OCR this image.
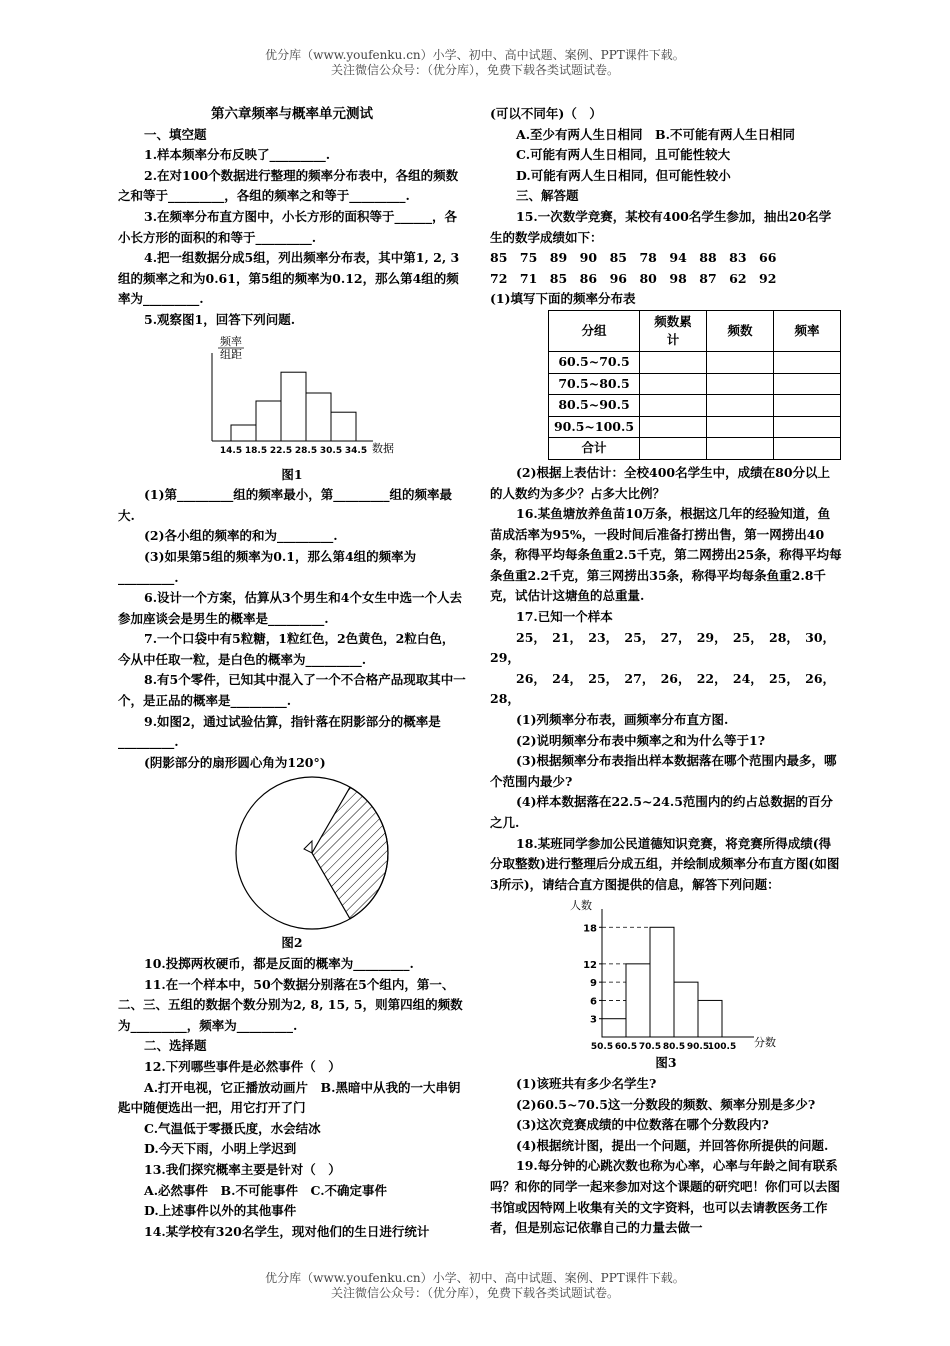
优分库（www.youfenku.cn）小学、初中、高中试题、案例、PPT课件下载。
关注微信公众号：（优分库），免费下载各类试题试卷。

第六章频率与概率单元测试

一、填空题

1.样本频率分布反映了_________.

2.在对100个数据进行整理的频率分布表中，各组的频数之和等于_________，各组的频率之和等于_________.

3.在频率分布直方图中，小长方形的面积等于______，各小长方形的面积的和等于_________.

4.把一组数据分成5组，列出频率分布表，其中第1, 2, 3组的频率之和为0.61，第5组的频率为0.12，那么第4组的频率为_________.

5.观察图1，回答下列问题.

频率
组距
14.5 18.5 22.5 28.5 30.5 34.5 数据

图1

(1)第_________组的频率最小，第_________组的频率最大.

(2)各小组的频率的和为_________.

(3)如果第5组的频率为0.1，那么第4组的频率为_________.

6.设计一个方案，估算从3个男生和4个女生中选一个人去参加座谈会是男生的概率是_________.

7.一个口袋中有5粒糖，1粒红色，2色黄色，2粒白色，今从中任取一粒，是白色的概率为_________.

8.有5个零件，已知其中混入了一个不合格产品现取其中一个，是正品的概率是_________.

9.如图2，通过试验估算，指针落在阴影部分的概率是_________.

(阴影部分的扇形圆心角为120°)

图2

10.投掷两枚硬币，都是反面的概率为_________.

11.在一个样本中，50个数据分别落在5个组内，第一、二、三、五组的数据个数分别为2, 8, 15, 5，则第四组的频数为_________，频率为_________.

二、选择题

12.下列哪些事件是必然事件（　）

A.打开电视，它正播放动画片　B.黑暗中从我的一大串钥匙中随便选出一把，用它打开了门

C.气温低于零摄氏度，水会结冰

D.今天下雨，小明上学迟到

13.我们探究概率主要是针对（　）

A.必然事件　B.不可能事件　C.不确定事件

D.上述事件以外的其他事件

14.某学校有320名学生，现对他们的生日进行统计

(可以不同年)（　）

A.至少有两人生日相同　B.不可能有两人生日相同

C.可能有两人生日相同，且可能性较大

D.可能有两人生日相同，但可能性较小

三、解答题

15.一次数学竞赛，某校有400名学生参加，抽出20名学生的数学成绩如下：

85　75　89　90　85　78　94　88　83　66

72　71　85　86　96　80　98　87　62　92

(1)填写下面的频率分布表

分组	频数累计	频数	频率
60.5~70.5			
70.5~80.5			
80.5~90.5			
90.5~100.5			
合计			

(2)根据上表估计：全校400名学生中，成绩在80分以上的人数约为多少？占多大比例？

16.某鱼塘放养鱼苗10万条，根据这几年的经验知道，鱼苗成活率为95%，一段时间后准备打捞出售，第一网捞出40条，称得平均每条鱼重2.5千克，第二网捞出25条，称得平均每条鱼重2.2千克，第三网捞出35条，称得平均每条鱼重2.8千克，试估计这塘鱼的总重量.

17.已知一个样本

25，　21，　23，　25，　27，　29，　25，　28，　30，　29，

26，　24，　25，　27，　26，　22，　24，　25，　26，　28，

(1)列频率分布表，画频率分布直方图.

(2)说明频率分布表中频率之和为什么等于1?

(3)根据频率分布表指出样本数据落在哪个范围内最多，哪个范围内最少?

(4)样本数据落在22.5~24.5范围内的约占总数据的百分之几.

18.某班同学参加公民道德知识竞赛，将竞赛所得成绩(得分取整数)进行整理后分成五组，并绘制成频率分布直方图(如图3所示)，请结合直方图提供的信息，解答下列问题：

人数
3
6
9
12
18
50.5 60.5 70.5 80.5 90.5
100.5 分数

图3

(1)该班共有多少名学生?

(2)60.5~70.5这一分数段的频数、频率分别是多少?

(3)这次竞赛成绩的中位数落在哪个分数段内?

(4)根据统计图，提出一个问题，并回答你所提供的问题.

19.每分钟的心跳次数也称为心率，心率与年龄之间有联系吗？和你的同学一起来参加对这个课题的研究吧！你们可以去图书馆或因特网上收集有关的文字资料，也可以去请教医务工作者，但是别忘记依靠自己的力量去做一

优分库（www.youfenku.cn）小学、初中、高中试题、案例、PPT课件下载。
关注微信公众号：（优分库），免费下载各类试题试卷。
